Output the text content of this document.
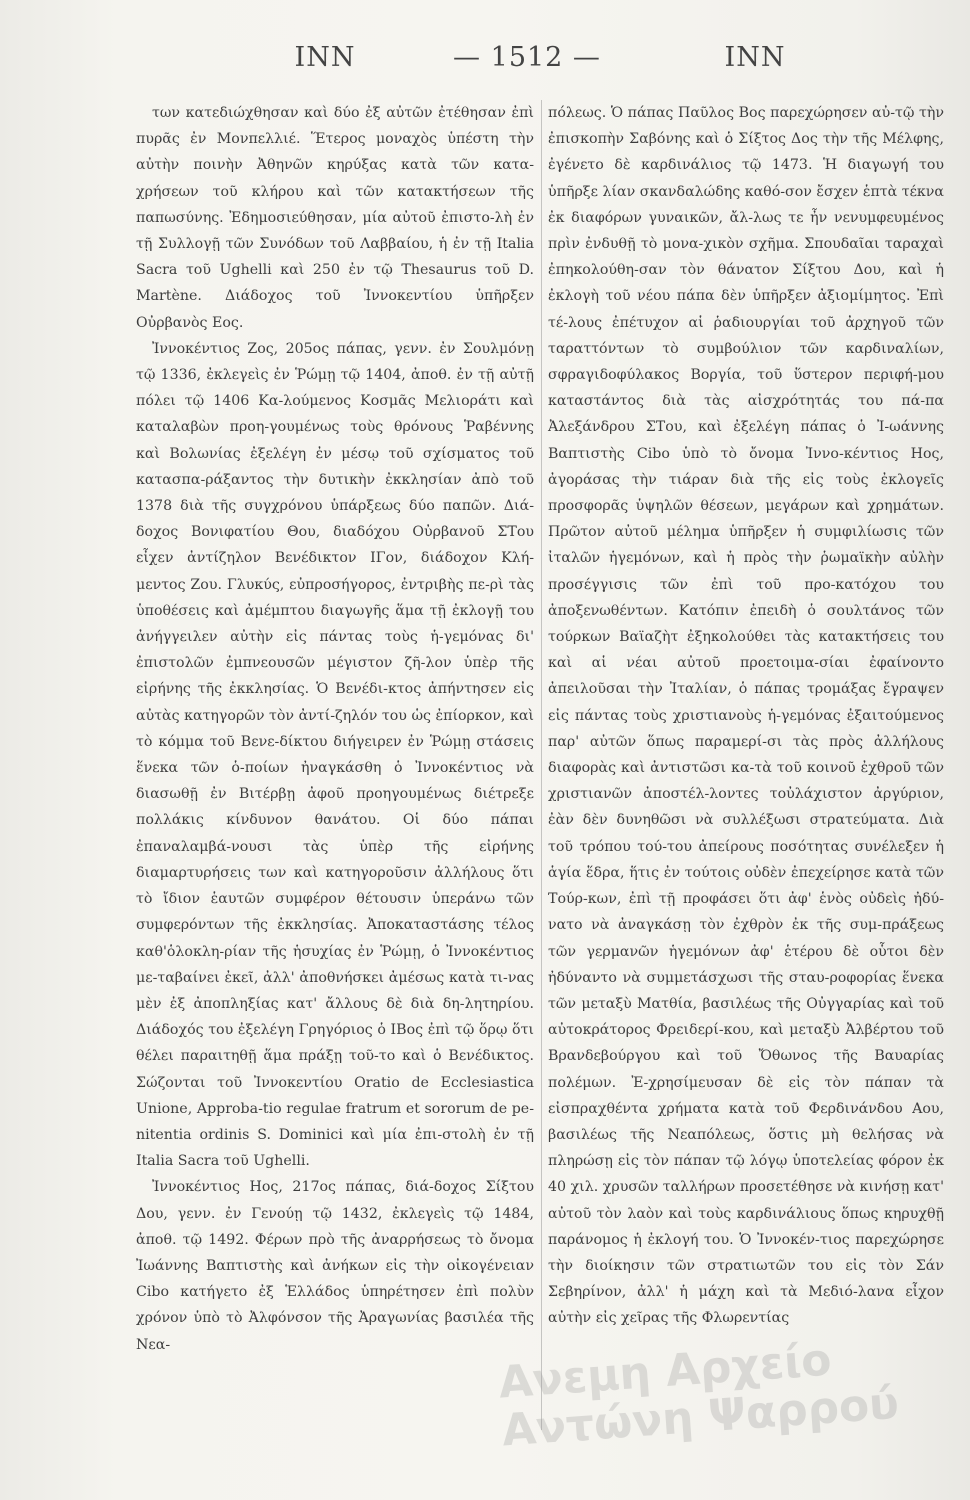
INN	— 1512 —	INN

των κατεδιώχθησαν καὶ δύο ἐξ αὐτῶν ἐτέθησαν ἐπὶ πυρᾶς ἐν Μονπελλιέ. Ἕτερος μοναχὸς ὑπέστη τὴν αὐτὴν ποινὴν Ἀθηνῶν κηρύξας κατὰ τῶν κατα-χρήσεων τοῦ κλήρου καὶ τῶν κατακτήσεων τῆς παπωσύνης. Ἐδημοσιεύθησαν, μία αὐτοῦ ἐπιστο-λὴ ἐν τῇ Συλλογῇ τῶν Συνόδων τοῦ Λαββαίου, ἡ ἐν τῇ Italia Sacra τοῦ Ughelli καὶ 250 ἐν τῷ Thesaurus τοῦ D. Martène. Διάδοχος τοῦ Ἰννοκεντίου ὑπῆρξεν Οὐρβανὸς Εος.

Ἰννοκέντιος Ζος, 205ος πάπας, γενν. ἐν Σουλμόνῃ τῷ 1336, ἐκλεγεὶς ἐν Ῥώμῃ τῷ 1404, ἀποθ. ἐν τῇ αὐτῇ πόλει τῷ 1406 Κα-λούμενος Κοσμᾶς Μελιοράτι καὶ καταλαβὼν προη-γουμένως τοὺς θρόνους Ῥαβέννης καὶ Βολωνίας ἐξελέγη ἐν μέσῳ τοῦ σχίσματος τοῦ κατασπα-ράξαντος τὴν δυτικὴν ἐκκλησίαν ἀπὸ τοῦ 1378 διὰ τῆς συγχρόνου ὑπάρξεως δύο παπῶν. Διά-δοχος Βονιφατίου Θου, διαδόχου Οὐρβανοῦ ΣΤου εἶχεν ἀντίζηλον Βενέδικτον ΙΓον, διάδοχον Κλή-μεντος Ζου. Γλυκύς, εὐπροσήγορος, ἐντριβὴς πε-ρὶ τὰς ὑποθέσεις καὶ ἀμέμπτου διαγωγῆς ἅμα τῇ ἐκλογῇ του ἀνήγγειλεν αὐτὴν εἰς πάντας τοὺς ἡ-γεμόνας δι' ἐπιστολῶν ἐμπνεουσῶν μέγιστον ζῆ-λον ὑπὲρ τῆς εἰρήνης τῆς ἐκκλησίας. Ὁ Βενέδι-κτος ἀπήντησεν εἰς αὐτὰς κατηγορῶν τὸν ἀντί-ζηλόν του ὡς ἐπίορκον, καὶ τὸ κόμμα τοῦ Βενε-δίκτου διήγειρεν ἐν Ῥώμῃ στάσεις ἕνεκα τῶν ὁ-ποίων ἠναγκάσθη ὁ Ἰννοκέντιος νὰ διασωθῇ ἐν Βιτέρβῃ ἀφοῦ προηγουμένως διέτρεξε πολλάκις κίνδυνον θανάτου. Οἱ δύο πάπαι ἐπαναλαμβά-νουσι τὰς ὑπὲρ τῆς εἰρήνης διαμαρτυρήσεις των καὶ κατηγοροῦσιν ἀλλήλους ὅτι τὸ ἴδιον ἑαυτῶν συμφέρον θέτουσιν ὑπεράνω τῶν συμφερόντων τῆς ἐκκλησίας. Ἀποκαταστάσης τέλος καθ'ὁλοκλη-ρίαν τῆς ἡσυχίας ἐν Ῥώμῃ, ὁ Ἰννοκέντιος με-ταβαίνει ἐκεῖ, ἀλλ' ἀποθνήσκει ἀμέσως κατὰ τι-νας μὲν ἐξ ἀποπληξίας κατ' ἄλλους δὲ διὰ δη-λητηρίου. Διάδοχός του ἐξελέγη Γρηγόριος ὁ ΙΒος ἐπὶ τῷ ὅρῳ ὅτι θέλει παραιτηθῇ ἅμα πράξῃ τοῦ-το καὶ ὁ Βενέδικτος. Σώζονται τοῦ Ἰννοκεντίου Oratio de Ecclesiastica Unione, Approba-tio regulae fratrum et sororum de pe-nitentia ordinis S. Dominici καὶ μία ἐπι-στολὴ ἐν τῇ Italia Sacra τοῦ Ughelli.

Ἰννοκέντιος Ηος, 217ος πάπας, διά-δοχος Σίξτου Δου, γενν. ἐν Γενούῃ τῷ 1432, ἐκλεγεὶς τῷ 1484, ἀποθ. τῷ 1492. Φέρων πρὸ τῆς ἀναρρήσεως τὸ ὄνομα Ἰωάννης Βαπτιστὴς καὶ ἀνήκων εἰς τὴν οἰκογένειαν Cibo κατήγετο ἐξ Ἑλλάδος ὑπηρέτησεν ἐπὶ πολὺν χρόνον ὑπὸ τὸ Ἀλφόνσον τῆς Ἀραγωνίας βασιλέα τῆς Νεα-

πόλεως. Ὁ πάπας Παῦλος Βος παρεχώρησεν αὐ-τῷ τὴν ἐπισκοπὴν Σαβόνης καὶ ὁ Σίξτος Δος τὴν τῆς Μέλφης, ἐγένετο δὲ καρδινάλιος τῷ 1473. Ἡ διαγωγή του ὑπῆρξε λίαν σκανδαλώδης καθό-σον ἔσχεν ἑπτὰ τέκνα ἐκ διαφόρων γυναικῶν, ἄλ-λως τε ἦν νενυμφευμένος πρὶν ἐνδυθῇ τὸ μονα-χικὸν σχῆμα. Σπουδαῖαι ταραχαὶ ἐπηκολούθη-σαν τὸν θάνατον Σίξτου Δου, καὶ ἡ ἐκλογὴ τοῦ νέου πάπα δὲν ὑπῆρξεν ἀξιομίμητος. Ἐπὶ τέ-λους ἐπέτυχον αἱ ῥαδιουργίαι τοῦ ἀρχηγοῦ τῶν ταραττόντων τὸ συμβούλιον τῶν καρδιναλίων, σφραγιδοφύλακος Βοργία, τοῦ ὕστερον περιφή-μου καταστάντος διὰ τὰς αἰσχρότητάς του πά-πα Ἀλεξάνδρου ΣΤου, καὶ ἐξελέγη πάπας ὁ Ἰ-ωάννης Βαπτιστὴς Cibo ὑπὸ τὸ ὄνομα Ἰννο-κέντιος Ηος, ἀγοράσας τὴν τιάραν διὰ τῆς εἰς τοὺς ἐκλογεῖς προσφορᾶς ὑψηλῶν θέσεων, μεγάρων καὶ χρημάτων. Πρῶτον αὐτοῦ μέλημα ὑπῆρξεν ἡ συμφιλίωσις τῶν ἰταλῶν ἡγεμόνων, καὶ ἡ πρὸς τὴν ῥωμαϊκὴν αὐλὴν προσέγγισις τῶν ἐπὶ τοῦ προ-κατόχου του ἀποξενωθέντων. Κατόπιν ἐπειδὴ ὁ σουλτάνος τῶν τούρκων Βαϊαζὴτ ἐξηκολούθει τὰς κατακτήσεις του καὶ αἱ νέαι αὐτοῦ προετοιμα-σίαι ἐφαίνοντο ἀπειλοῦσαι τὴν Ἰταλίαν, ὁ πάπας τρομάξας ἔγραψεν εἰς πάντας τοὺς χριστιανοὺς ἡ-γεμόνας ἐξαιτούμενος παρ' αὐτῶν ὅπως παραμερί-σι τὰς πρὸς ἀλλήλους διαφορὰς καὶ ἀντιστῶσι κα-τὰ τοῦ κοινοῦ ἐχθροῦ τῶν χριστιανῶν ἀποστέλ-λοντες τοὐλάχιστον ἀργύριον, ἐὰν δὲν δυνηθῶσι νὰ συλλέξωσι στρατεύματα. Διὰ τοῦ τρόπου τού-του ἀπείρους ποσότητας συνέλεξεν ἡ ἁγία ἕδρα, ἥτις ἐν τούτοις οὐδὲν ἐπεχείρησε κατὰ τῶν Τούρ-κων, ἐπὶ τῇ προφάσει ὅτι ἀφ' ἑνὸς οὐδεὶς ἠδύ-νατο νὰ ἀναγκάσῃ τὸν ἐχθρὸν ἐκ τῆς συμ-πράξεως τῶν γερμανῶν ἡγεμόνων ἀφ' ἑτέρου δὲ οὗτοι δὲν ἠδύναντο νὰ συμμετάσχωσι τῆς σταυ-ροφορίας ἕνεκα τῶν μεταξὺ Ματθία, βασιλέως τῆς Οὐγγαρίας καὶ τοῦ αὐτοκράτορος Φρειδερί-κου, καὶ μεταξὺ Ἀλβέρτου τοῦ Βρανδεβούργου καὶ τοῦ Ὄθωνος τῆς Βαυαρίας πολέμων. Ἐ-χρησίμευσαν δὲ εἰς τὸν πάπαν τὰ εἰσπραχθέντα χρήματα κατὰ τοῦ Φερδινάνδου Αου, βασιλέως τῆς Νεαπόλεως, ὅστις μὴ θελήσας νὰ πληρώσῃ εἰς τὸν πάπαν τῷ λόγῳ ὑποτελείας φόρον ἐκ 40 χιλ. χρυσῶν ταλλήρων προσετέθησε νὰ κινήσῃ κατ' αὐτοῦ τὸν λαὸν καὶ τοὺς καρδινάλιους ὅπως κηρυχθῇ παράνομος ἡ ἐκλογή του. Ὁ Ἰννοκέν-τιος παρεχώρησε τὴν διοίκησιν τῶν στρατιωτῶν του εἰς τὸν Σάν Σεβηρίνον, ἀλλ' ἡ μάχη καὶ τὰ Μεδιό-λανα εἶχον αὐτὴν εἰς χεῖρας τῆς Φλωρεντίας

Ανεμη Αρχείο Αντώνη Ψαρρού
